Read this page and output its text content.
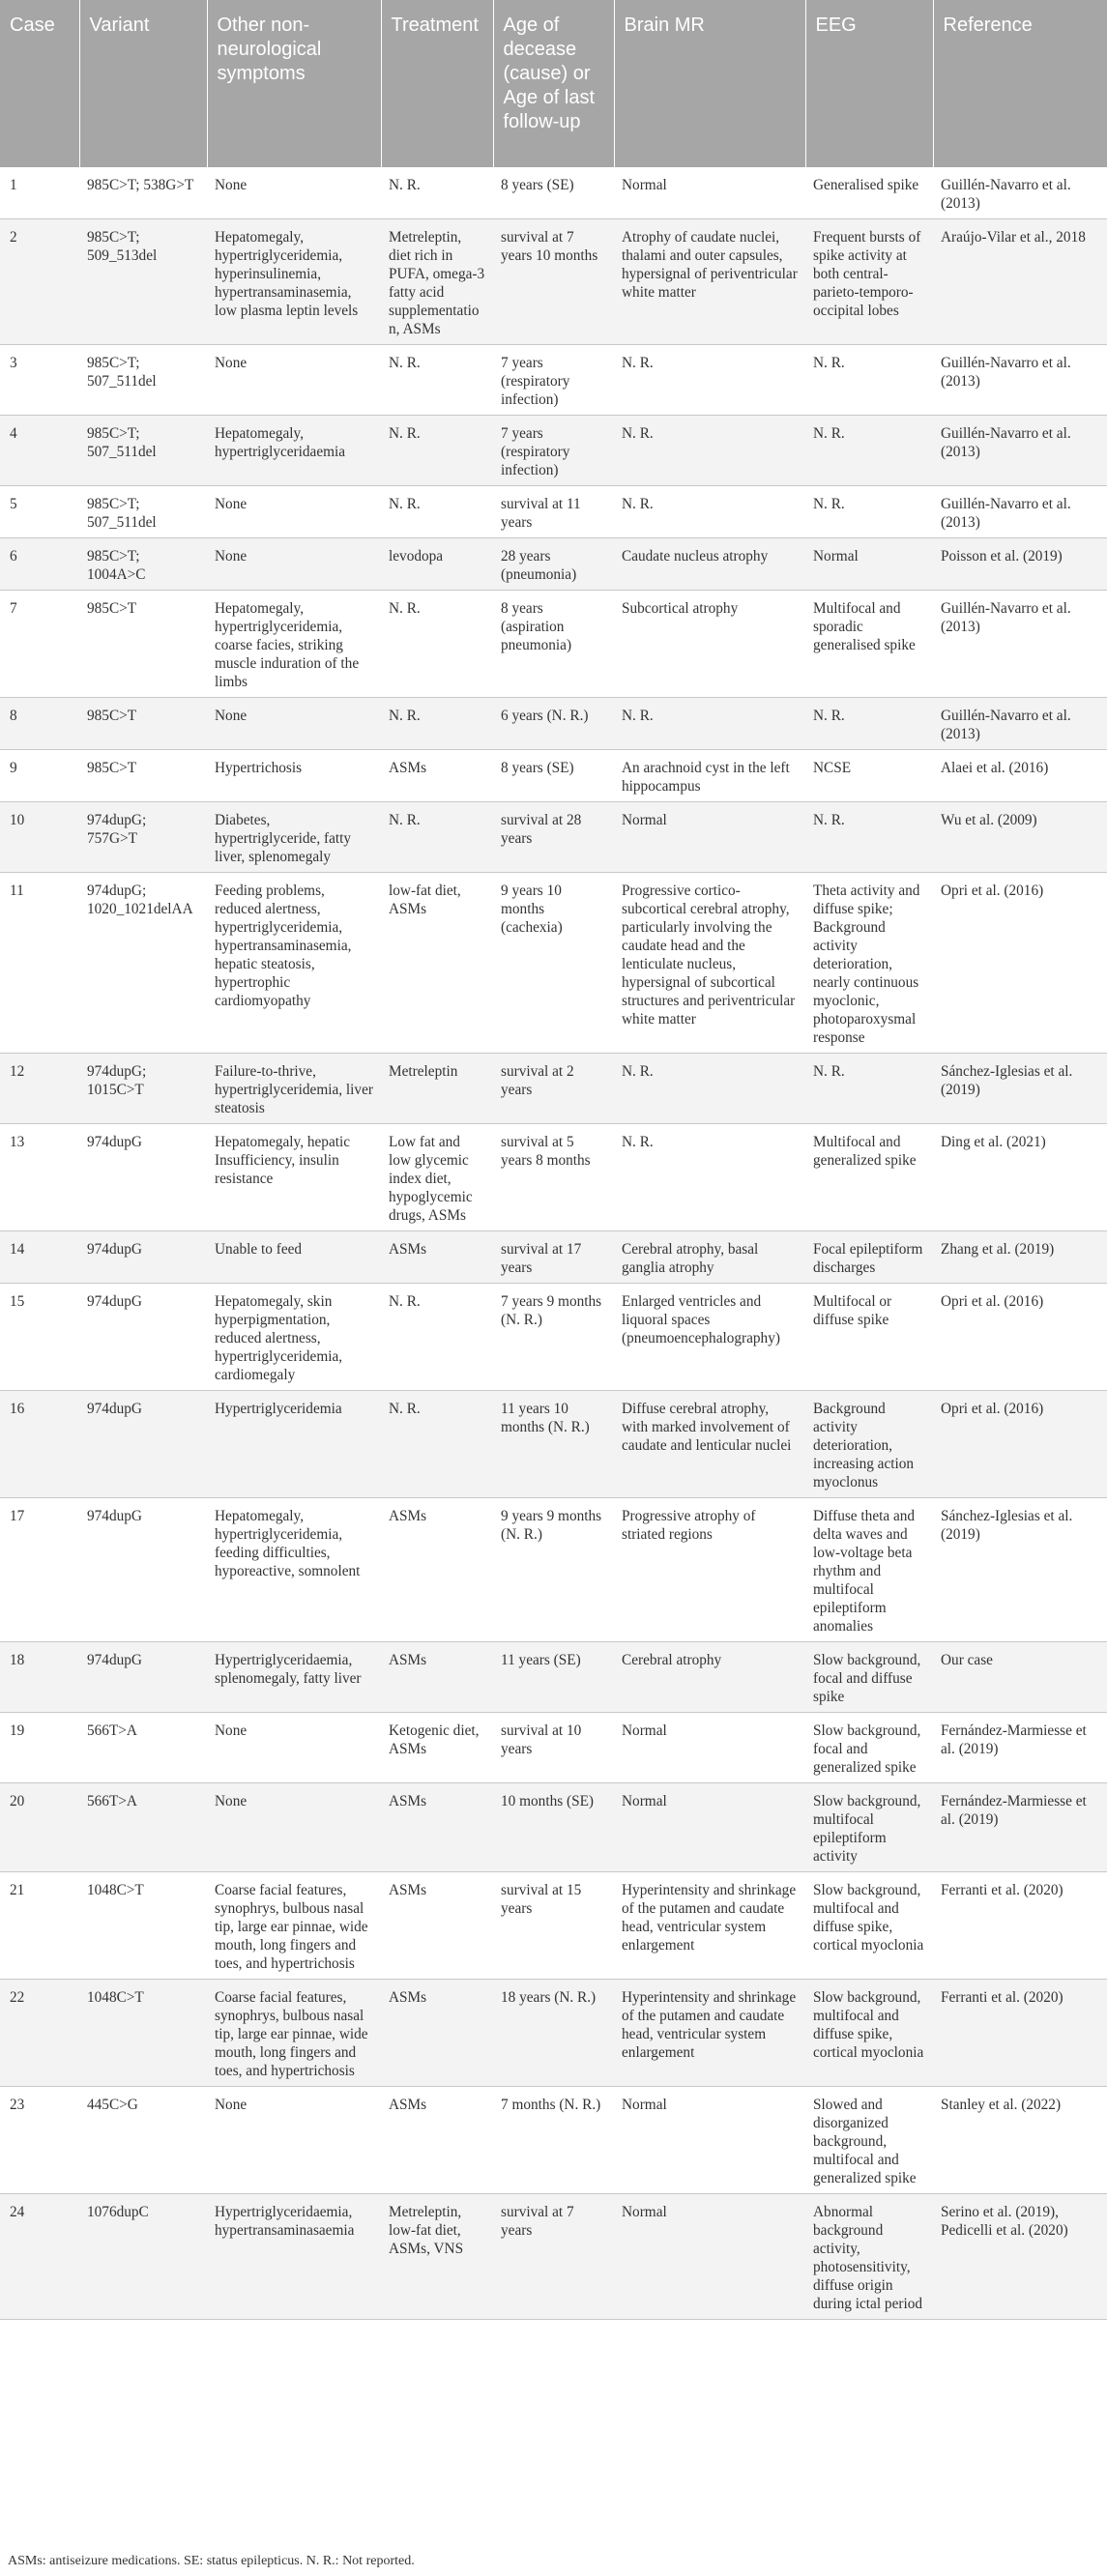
Case	Variant	Other non-neurological symptoms	Treatment	Age of decease (cause) or Age of last follow-up	Brain MR	EEG	Reference
1	985C>T; 538G>T	None	N. R.	8 years (SE)	Normal	Generalised spike	Guillén-Navarro et al. (2013)
2	985C>T; 509_513del	Hepatomegaly, hypertriglyceridemia, hyperinsulinemia, hypertransaminasemia, low plasma leptin levels	Metreleptin, diet rich in PUFA, omega-3 fatty acid supplementation, ASMs	survival at 7 years 10 months	Atrophy of caudate nuclei, thalami and outer capsules, hypersignal of periventricular white matter	Frequent bursts of spike activity at both central-parieto-temporo-occipital lobes	Araújo-Vilar et al., 2018
3	985C>T; 507_511del	None	N. R.	7 years (respiratory infection)	N. R.	N. R.	Guillén-Navarro et al. (2013)
4	985C>T; 507_511del	Hepatomegaly, hypertriglyceridaemia	N. R.	7 years (respiratory infection)	N. R.	N. R.	Guillén-Navarro et al. (2013)
5	985C>T; 507_511del	None	N. R.	survival at 11 years	N. R.	N. R.	Guillén-Navarro et al. (2013)
6	985C>T; 1004A>C	None	levodopa	28 years (pneumonia)	Caudate nucleus atrophy	Normal	Poisson et al. (2019)
7	985C>T	Hepatomegaly, hypertriglyceridemia, coarse facies, striking muscle induration of the limbs	N. R.	8 years (aspiration pneumonia)	Subcortical atrophy	Multifocal and sporadic generalised spike	Guillén-Navarro et al. (2013)
8	985C>T	None	N. R.	6 years (N. R.)	N. R.	N. R.	Guillén-Navarro et al. (2013)
9	985C>T	Hypertrichosis	ASMs	8 years (SE)	An arachnoid cyst in the left hippocampus	NCSE	Alaei et al. (2016)
10	974dupG; 757G>T	Diabetes, hypertriglyceride, fatty liver, splenomegaly	N. R.	survival at 28 years	Normal	N. R.	Wu et al. (2009)
11	974dupG; 1020_1021delAA	Feeding problems, reduced alertness, hypertriglyceridemia, hypertransaminasemia, hepatic steatosis, hypertrophic cardiomyopathy	low-fat diet, ASMs	9 years 10 months (cachexia)	Progressive cortico-subcortical cerebral atrophy, particularly involving the caudate head and the lenticulate nucleus, hypersignal of subcortical structures and periventricular white matter	Theta activity and diffuse spike; Background activity deterioration, nearly continuous myoclonic, photoparoxysmal response	Opri et al. (2016)
12	974dupG; 1015C>T	Failure-to-thrive, hypertriglyceridemia, liver steatosis	Metreleptin	survival at 2 years	N. R.	N. R.	Sánchez-Iglesias et al. (2019)
13	974dupG	Hepatomegaly, hepatic Insufficiency, insulin resistance	Low fat and low glycemic index diet, hypoglycemic drugs, ASMs	survival at 5 years 8 months	N. R.	Multifocal and generalized spike	Ding et al. (2021)
14	974dupG	Unable to feed	ASMs	survival at 17 years	Cerebral atrophy, basal ganglia atrophy	Focal epileptiform discharges	Zhang et al. (2019)
15	974dupG	Hepatomegaly, skin hyperpigmentation, reduced alertness, hypertriglyceridemia, cardiomegaly	N. R.	7 years 9 months (N. R.)	Enlarged ventricles and liquoral spaces (pneumoencephalography)	Multifocal or diffuse spike	Opri et al. (2016)
16	974dupG	Hypertriglyceridemia	N. R.	11 years 10 months (N. R.)	Diffuse cerebral atrophy, with marked involvement of caudate and lenticular nuclei	Background activity deterioration, increasing action myoclonus	Opri et al. (2016)
17	974dupG	Hepatomegaly, hypertriglyceridemia, feeding difficulties, hyporeactive, somnolent	ASMs	9 years 9 months (N. R.)	Progressive atrophy of striated regions	Diffuse theta and delta waves and low-voltage beta rhythm and multifocal epileptiform anomalies	Sánchez-Iglesias et al. (2019)
18	974dupG	Hypertriglyceridaemia, splenomegaly, fatty liver	ASMs	11 years (SE)	Cerebral atrophy	Slow background, focal and diffuse spike	Our case
19	566T>A	None	Ketogenic diet, ASMs	survival at 10 years	Normal	Slow background, focal and generalized spike	Fernández-Marmiesse et al. (2019)
20	566T>A	None	ASMs	10 months (SE)	Normal	Slow background, multifocal epileptiform activity	Fernández-Marmiesse et al. (2019)
21	1048C>T	Coarse facial features, synophrys, bulbous nasal tip, large ear pinnae, wide mouth, long fingers and toes, and hypertrichosis	ASMs	survival at 15 years	Hyperintensity and shrinkage of the putamen and caudate head, ventricular system enlargement	Slow background, multifocal and diffuse spike, cortical myoclonia	Ferranti et al. (2020)
22	1048C>T	Coarse facial features, synophrys, bulbous nasal tip, large ear pinnae, wide mouth, long fingers and toes, and hypertrichosis	ASMs	18 years (N. R.)	Hyperintensity and shrinkage of the putamen and caudate head, ventricular system enlargement	Slow background, multifocal and diffuse spike, cortical myoclonia	Ferranti et al. (2020)
23	445C>G	None	ASMs	7 months (N. R.)	Normal	Slowed and disorganized background, multifocal and generalized spike	Stanley et al. (2022)
24	1076dupC	Hypertriglyceridaemia, hypertransaminasaemia	Metreleptin, low-fat diet, ASMs, VNS	survival at 7 years	Normal	Abnormal background activity, photosensitivity, diffuse origin during ictal period	Serino et al. (2019), Pedicelli et al. (2020)
ASMs: antiseizure medications. SE: status epilepticus. N. R.: Not reported.
